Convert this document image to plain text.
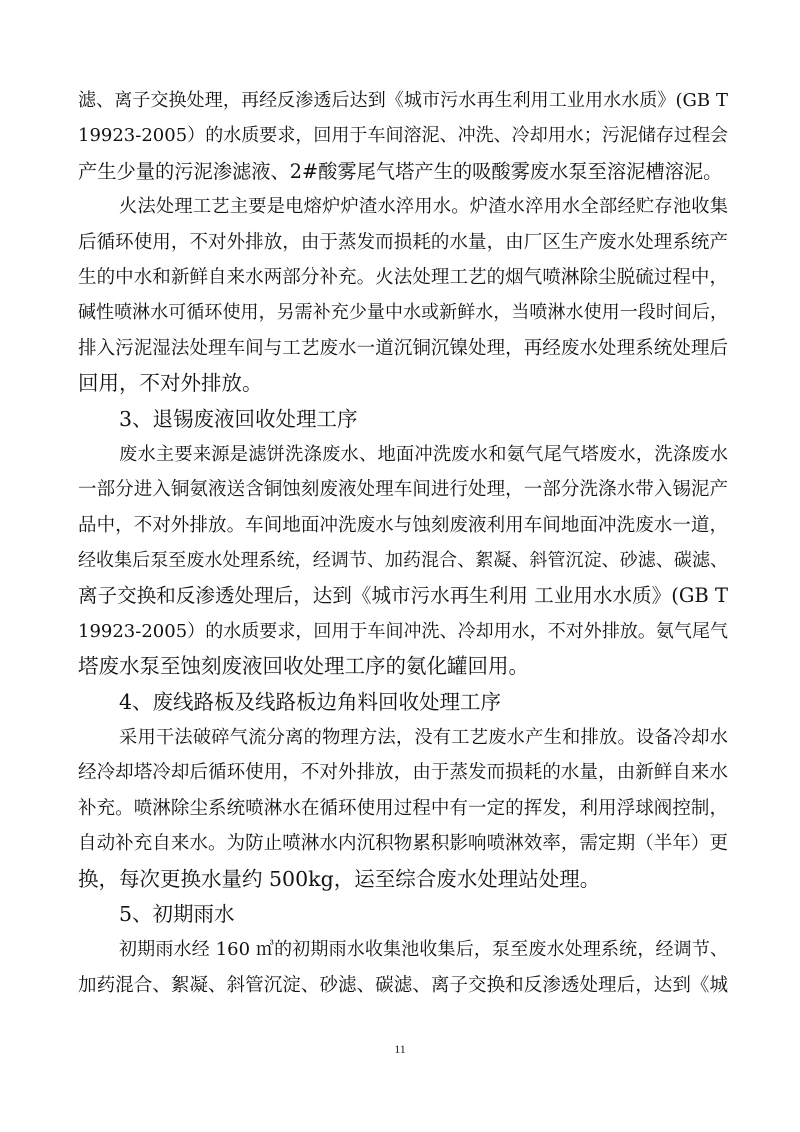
滤、离子交换处理，再经反渗透后达到《城市污水再生利用工业用水水质》(GB T
19923-2005）的水质要求，回用于车间溶泥、冲洗、冷却用水；污泥储存过程会
产生少量的污泥渗滤液、2#酸雾尾气塔产生的吸酸雾废水泵至溶泥槽溶泥。
火法处理工艺主要是电熔炉炉渣水淬用水。炉渣水淬用水全部经贮存池收集
后循环使用，不对外排放，由于蒸发而损耗的水量，由厂区生产废水处理系统产
生的中水和新鲜自来水两部分补充。火法处理工艺的烟气喷淋除尘脱硫过程中，
碱性喷淋水可循环使用，另需补充少量中水或新鲜水，当喷淋水使用一段时间后，
排入污泥湿法处理车间与工艺废水一道沉铜沉镍处理，再经废水处理系统处理后
回用，不对外排放。
3、退锡废液回收处理工序
废水主要来源是滤饼洗涤废水、地面冲洗废水和氨气尾气塔废水，洗涤废水
一部分进入铜氨液送含铜蚀刻废液处理车间进行处理，一部分洗涤水带入锡泥产
品中，不对外排放。车间地面冲洗废水与蚀刻废液利用车间地面冲洗废水一道，
经收集后泵至废水处理系统，经调节、加药混合、絮凝、斜管沉淀、砂滤、碳滤、
离子交换和反渗透处理后，达到《城市污水再生利用 工业用水水质》(GB T
19923-2005）的水质要求，回用于车间冲洗、冷却用水，不对外排放。氨气尾气
塔废水泵至蚀刻废液回收处理工序的氨化罐回用。
4、废线路板及线路板边角料回收处理工序
采用干法破碎气流分离的物理方法，没有工艺废水产生和排放。设备冷却水
经冷却塔冷却后循环使用，不对外排放，由于蒸发而损耗的水量，由新鲜自来水
补充。喷淋除尘系统喷淋水在循环使用过程中有一定的挥发，利用浮球阀控制，
自动补充自来水。为防止喷淋水内沉积物累积影响喷淋效率，需定期（半年）更
换，每次更换水量约 500kg，运至综合废水处理站处理。
5、初期雨水
初期雨水经 160 ㎥的初期雨水收集池收集后，泵至废水处理系统，经调节、
加药混合、絮凝、斜管沉淀、砂滤、碳滤、离子交换和反渗透处理后，达到《城
11
